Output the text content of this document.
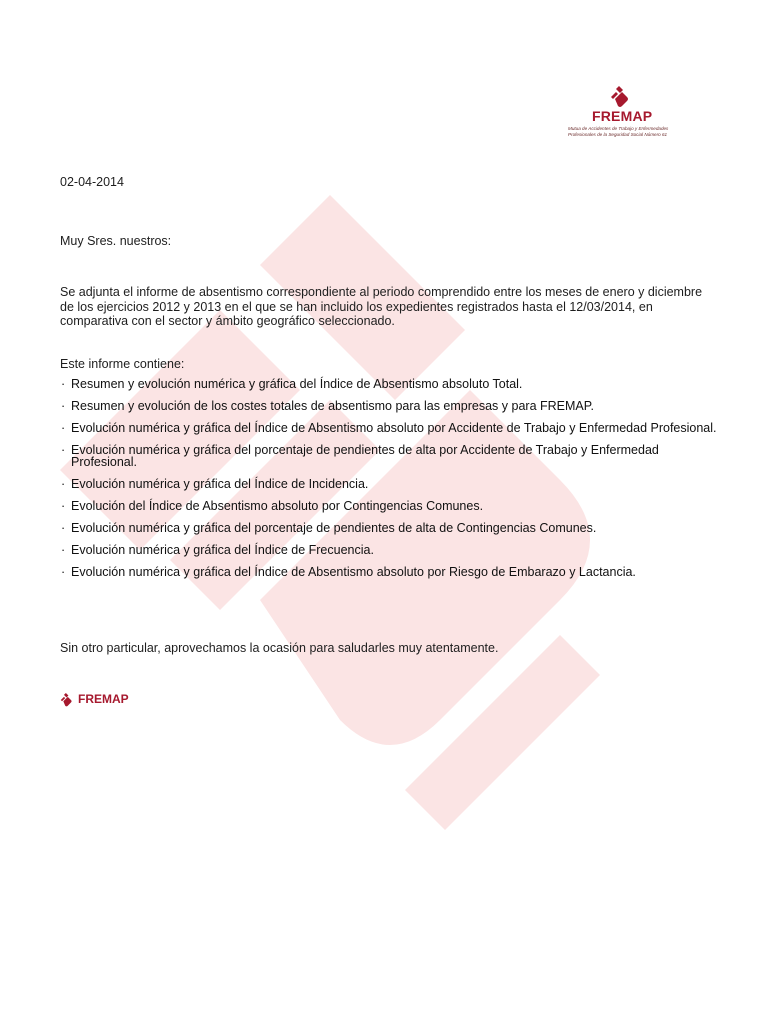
FREMAP
Mutua de Accidentes de Trabajo y Enfermedades Profesionales de la Seguridad Social Número 61
02-04-2014
Muy Sres. nuestros:
Se adjunta el informe de absentismo correspondiente al periodo comprendido entre los meses de enero y diciembre de los ejercicios 2012 y 2013 en el que se han incluido los expedientes registrados hasta el 12/03/2014, en comparativa con el sector y ámbito geográfico seleccionado.
Este informe contiene:
· Resumen y evolución numérica y gráfica del Índice de Absentismo absoluto Total.
· Resumen y evolución de los costes totales de absentismo para las empresas y para FREMAP.
· Evolución numérica y gráfica del Índice de Absentismo absoluto por Accidente de Trabajo y Enfermedad Profesional.
· Evolución numérica y gráfica del porcentaje de pendientes de alta por Accidente de Trabajo y Enfermedad Profesional.
· Evolución numérica y gráfica del Índice de Incidencia.
· Evolución del Índice de Absentismo absoluto por Contingencias Comunes.
· Evolución numérica y gráfica del porcentaje de pendientes de alta de Contingencias Comunes.
· Evolución numérica y gráfica del Índice de Frecuencia.
· Evolución numérica y gráfica del Índice de Absentismo absoluto por Riesgo de Embarazo y Lactancia.
Sin otro particular, aprovechamos la ocasión para saludarles muy atentamente.
FREMAP
